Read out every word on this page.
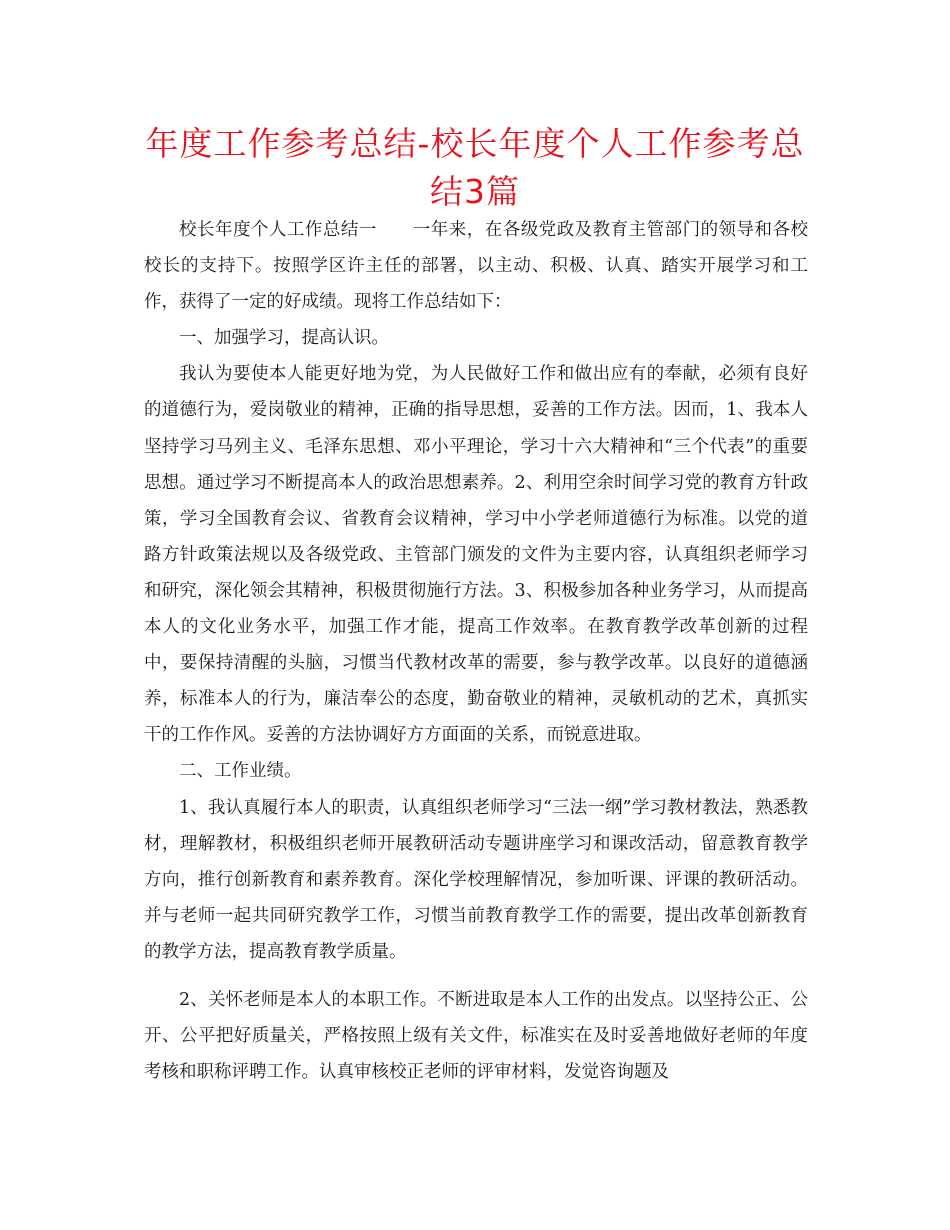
年度工作参考总结-校长年度个人工作参考总结3篇

校长年度个人工作总结一　　一年来，在各级党政及教育主管部门的领导和各校校长的支持下。按照学区许主任的部署，以主动、积极、认真、踏实开展学习和工作，获得了一定的好成绩。现将工作总结如下：

一、加强学习，提高认识。

我认为要使本人能更好地为党，为人民做好工作和做出应有的奉献，必须有良好的道德行为，爱岗敬业的精神，正确的指导思想，妥善的工作方法。因而，1、我本人坚持学习马列主义、毛泽东思想、邓小平理论，学习十六大精神和“三个代表”的重要思想。通过学习不断提高本人的政治思想素养。2、利用空余时间学习党的教育方针政策，学习全国教育会议、省教育会议精神，学习中小学老师道德行为标准。以党的道路方针政策法规以及各级党政、主管部门颁发的文件为主要内容，认真组织老师学习和研究，深化领会其精神，积极贯彻施行方法。3、积极参加各种业务学习，从而提高本人的文化业务水平，加强工作才能，提高工作效率。在教育教学改革创新的过程中，要保持清醒的头脑，习惯当代教材改革的需要，参与教学改革。以良好的道德涵养，标准本人的行为，廉洁奉公的态度，勤奋敬业的精神，灵敏机动的艺术，真抓实干的工作作风。妥善的方法协调好方方面面的关系，而锐意进取。

二、工作业绩。

1、我认真履行本人的职责，认真组织老师学习“三法一纲”学习教材教法，熟悉教材，理解教材，积极组织老师开展教研活动专题讲座学习和课改活动，留意教育教学方向，推行创新教育和素养教育。深化学校理解情况，参加听课、评课的教研活动。并与老师一起共同研究教学工作，习惯当前教育教学工作的需要，提出改革创新教育的教学方法，提高教育教学质量。

2、关怀老师是本人的本职工作。不断进取是本人工作的出发点。以坚持公正、公开、公平把好质量关，严格按照上级有关文件，标准实在及时妥善地做好老师的年度考核和职称评聘工作。认真审核校正老师的评审材料，发觉咨询题及
